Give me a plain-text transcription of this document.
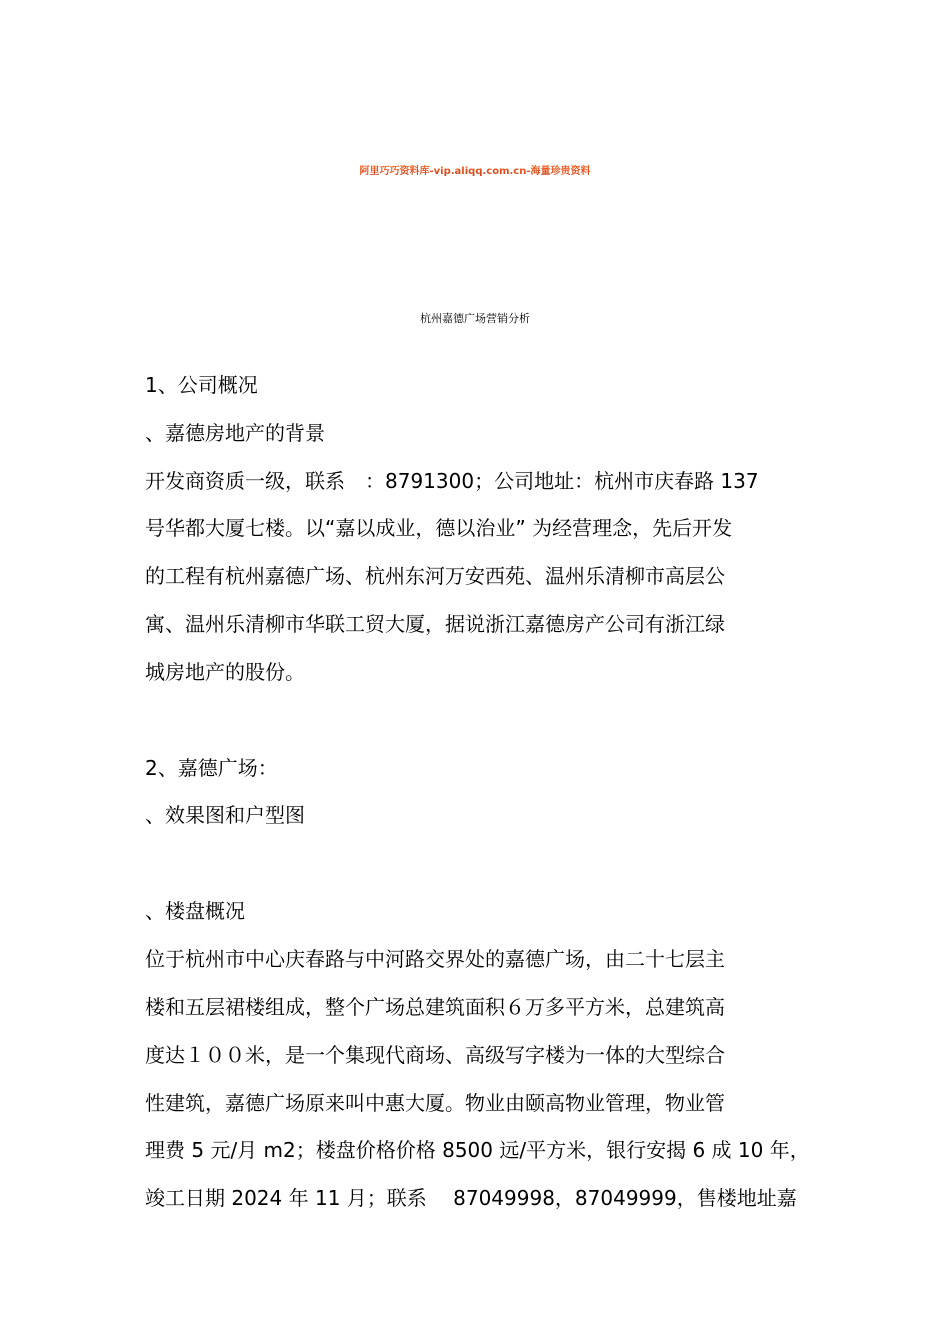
阿里巧巧资料库-vip.aliqq.com.cn-海量珍贵资料
杭州嘉德广场营销分析
1、公司概况
、嘉德房地产的背景
开发商资质一级，联系　：8791300；公司地址：杭州市庆春路 137
号华都大厦七楼。以“嘉以成业，德以治业” 为经营理念，先后开发
的工程有杭州嘉德广场、杭州东河万安西苑、温州乐清柳市高层公
寓、温州乐清柳市华联工贸大厦，据说浙江嘉德房产公司有浙江绿
城房地产的股份。
2、嘉德广场：
、效果图和户型图
、楼盘概况
位于杭州市中心庆春路与中河路交界处的嘉德广场，由二十七层主
楼和五层裙楼组成，整个广场总建筑面积６万多平方米，总建筑高
度达１００米，是一个集现代商场、高级写字楼为一体的大型综合
性建筑，嘉德广场原来叫中惠大厦。物业由颐高物业管理，物业管
理费 5 元/月 m2；楼盘价格价格 8500 远/平方米，银行安揭 6 成 10 年，
竣工日期 2024 年 11 月；联系　 87049998，87049999，售楼地址嘉
